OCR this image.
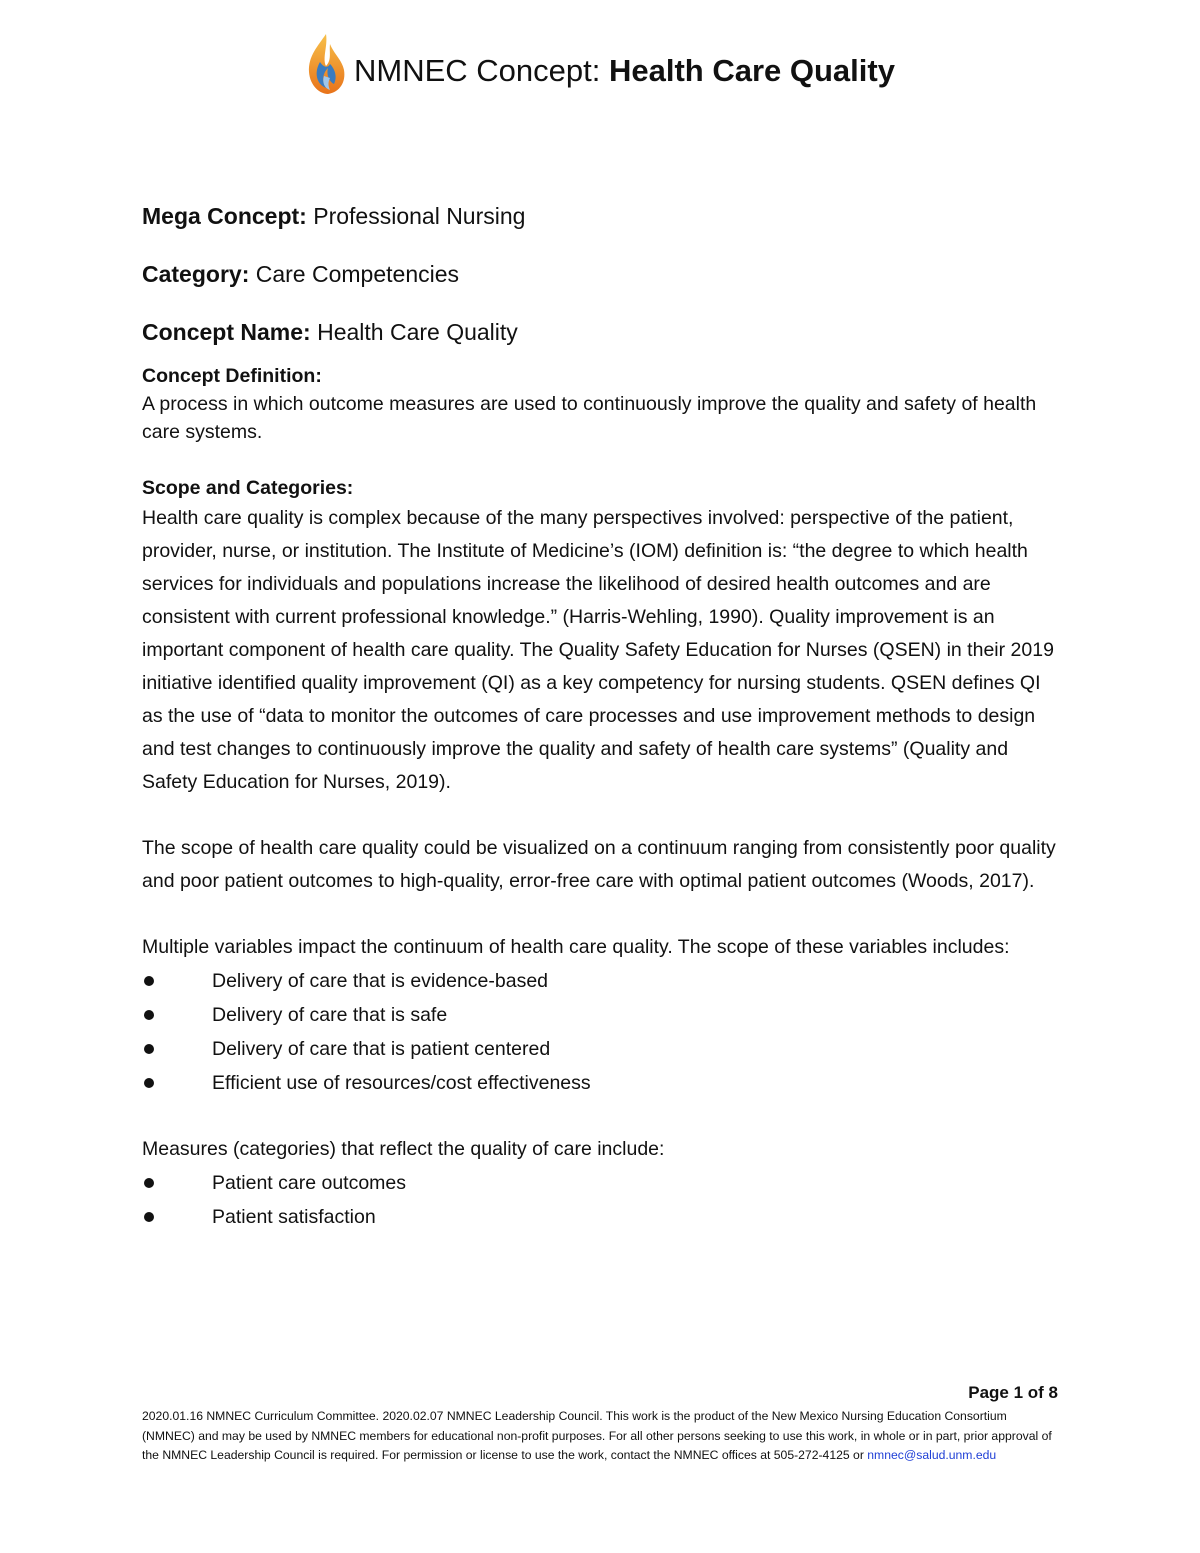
NMNEC Concept: Health Care Quality

Mega Concept: Professional Nursing

Category: Care Competencies

Concept Name: Health Care Quality

Concept Definition:

A process in which outcome measures are used to continuously improve the quality and safety of health care systems.

Scope and Categories:

Health care quality is complex because of the many perspectives involved: perspective of the patient, provider, nurse, or institution. The Institute of Medicine’s (IOM) definition is: “the degree to which health services for individuals and populations increase the likelihood of desired health outcomes and are consistent with current professional knowledge.” (Harris-Wehling, 1990). Quality improvement is an important component of health care quality. The Quality Safety Education for Nurses (QSEN) in their 2019 initiative identified quality improvement (QI) as a key competency for nursing students. QSEN defines QI as the use of “data to monitor the outcomes of care processes and use improvement methods to design and test changes to continuously improve the quality and safety of health care systems” (Quality and Safety Education for Nurses, 2019).

The scope of health care quality could be visualized on a continuum ranging from consistently poor quality and poor patient outcomes to high-quality, error-free care with optimal patient outcomes (Woods, 2017).

Multiple variables impact the continuum of health care quality. The scope of these variables includes:

Delivery of care that is evidence-based
Delivery of care that is safe
Delivery of care that is patient centered
Efficient use of resources/cost effectiveness

Measures (categories) that reflect the quality of care include:

Patient care outcomes
Patient satisfaction
Page 1 of 8
2020.01.16 NMNEC Curriculum Committee. 2020.02.07 NMNEC Leadership Council. This work is the product of the New Mexico Nursing Education Consortium (NMNEC) and may be used by NMNEC members for educational non-profit purposes. For all other persons seeking to use this work, in whole or in part, prior approval of the NMNEC Leadership Council is required. For permission or license to use the work, contact the NMNEC offices at 505-272-4125 or nmnec@salud.unm.edu
